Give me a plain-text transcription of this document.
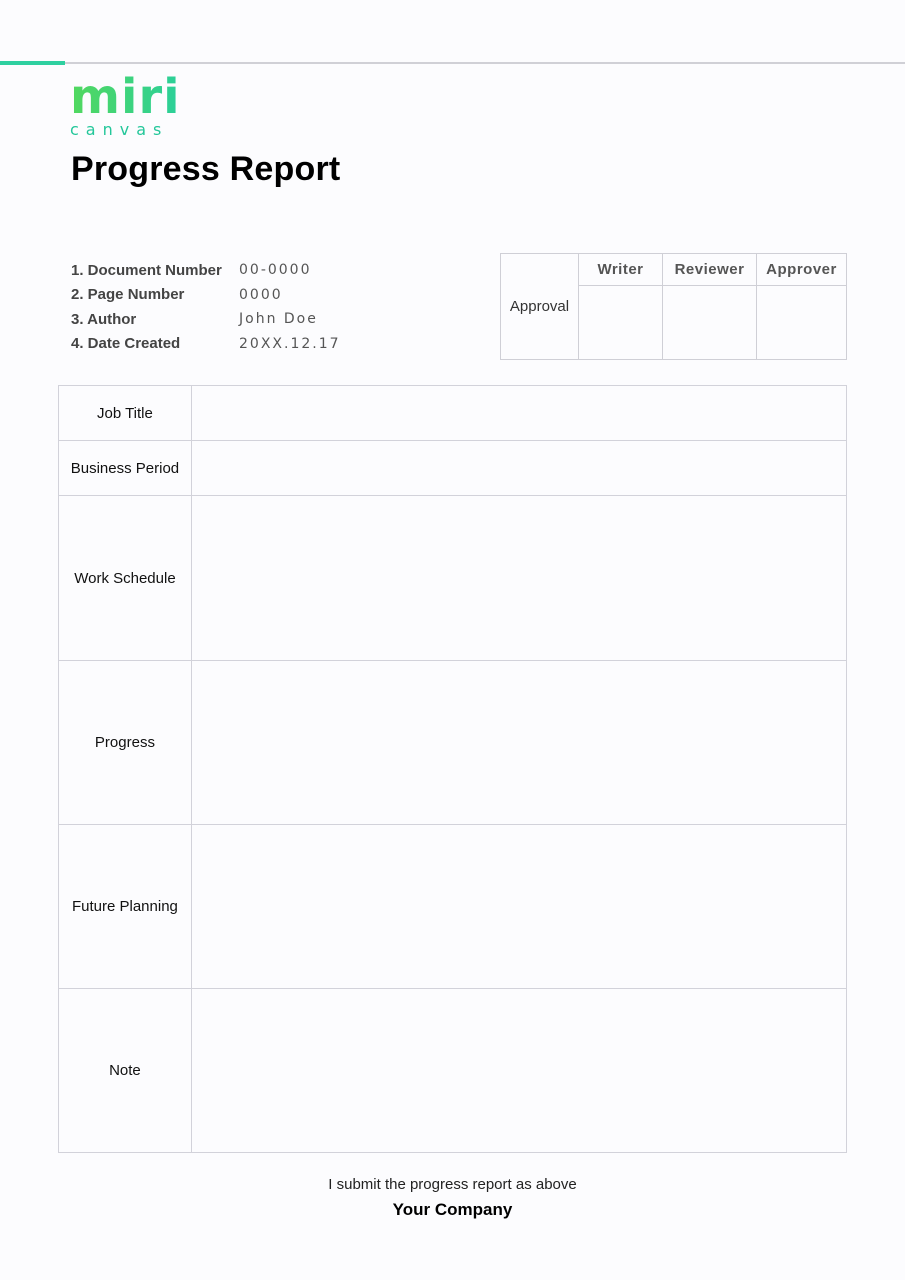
miri
canvas
Progress Report
1. Document Number	00-0000
2. Page Number	0000
3. Author	John Doe
4. Date Created	20XX.12.17
Approval	Writer	Reviewer	Approver

Job Title	
Business Period	
Work Schedule	
Progress	
Future Planning	
Note	
I submit the progress report as above
Your Company
